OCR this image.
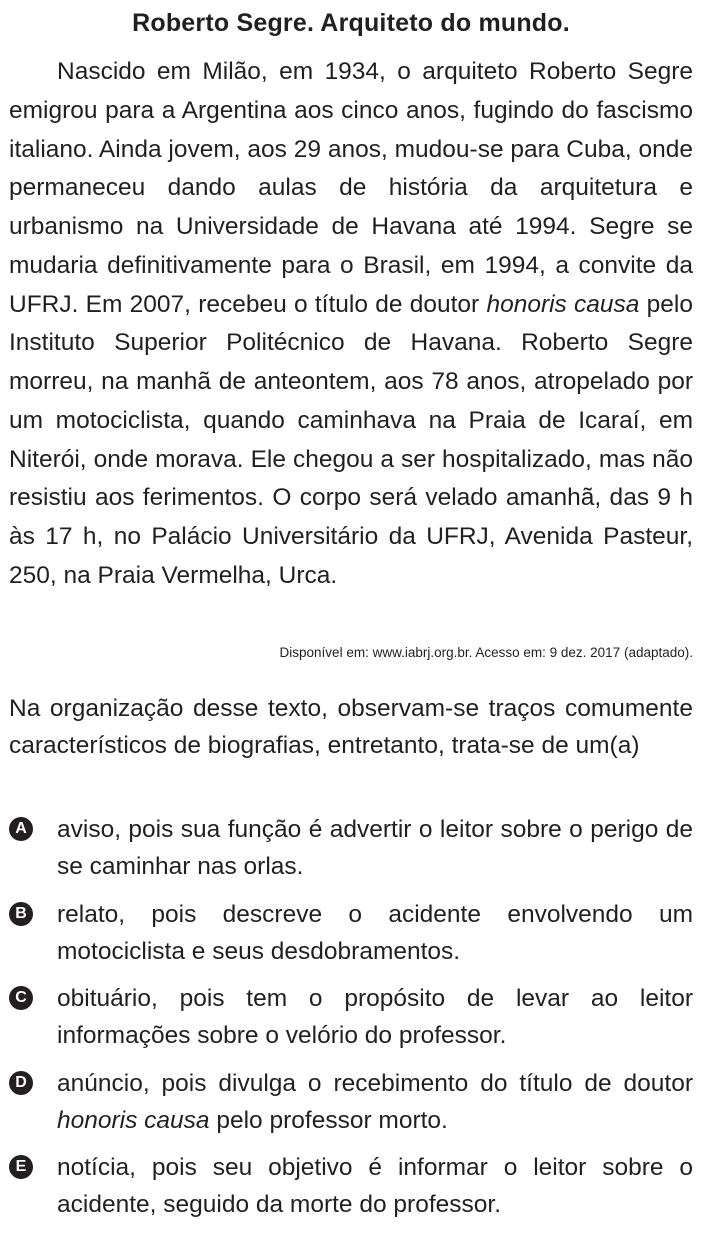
Roberto Segre. Arquiteto do mundo.

Nascido em Milão, em 1934, o arquiteto Roberto Segre emigrou para a Argentina aos cinco anos, fugindo do fascismo italiano. Ainda jovem, aos 29 anos, mudou-se para Cuba, onde permaneceu dando aulas de história da arquitetura e urbanismo na Universidade de Havana até 1994. Segre se mudaria definitivamente para o Brasil, em 1994, a convite da UFRJ. Em 2007, recebeu o título de doutor honoris causa pelo Instituto Superior Politécnico de Havana. Roberto Segre morreu, na manhã de anteontem, aos 78 anos, atropelado por um motociclista, quando caminhava na Praia de Icaraí, em Niterói, onde morava. Ele chegou a ser hospitalizado, mas não resistiu aos ferimentos. O corpo será velado amanhã, das 9 h às 17 h, no Palácio Universitário da UFRJ, Avenida Pasteur, 250, na Praia Vermelha, Urca.

Disponível em: www.iabrj.org.br. Acesso em: 9 dez. 2017 (adaptado).

Na organização desse texto, observam-se traços comumente característicos de biografias, entretanto, trata-se de um(a)

A aviso, pois sua função é advertir o leitor sobre o perigo de se caminhar nas orlas.
B relato, pois descreve o acidente envolvendo um motociclista e seus desdobramentos.
C obituário, pois tem o propósito de levar ao leitor informações sobre o velório do professor.
D anúncio, pois divulga o recebimento do título de doutor honoris causa pelo professor morto.
E notícia, pois seu objetivo é informar o leitor sobre o acidente, seguido da morte do professor.
